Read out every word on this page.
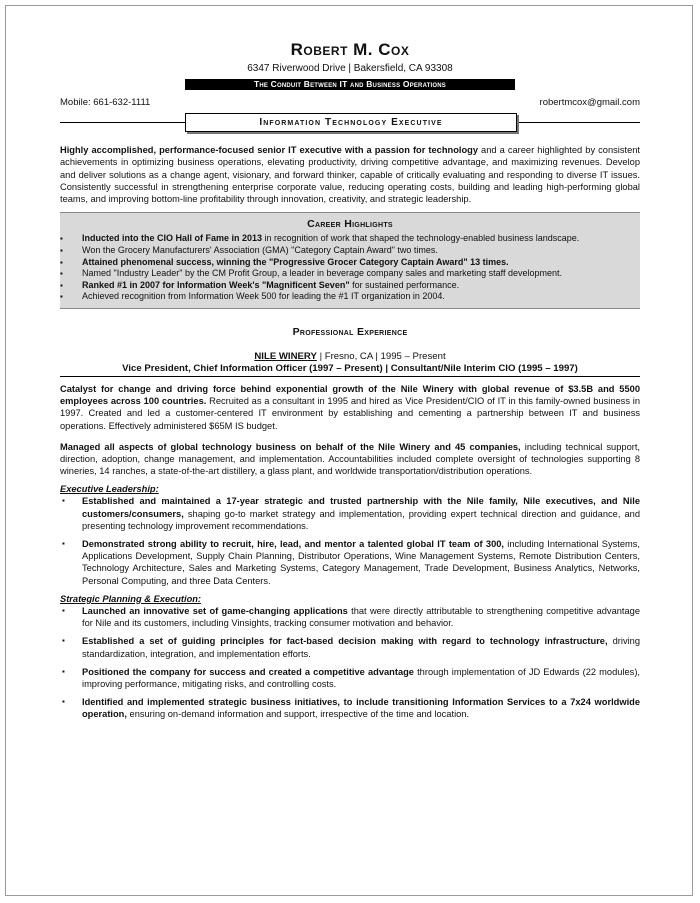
Robert M. Cox
6347 Riverwood Drive | Bakersfield, CA 93308
The Conduit Between IT and Business Operations
Mobile: 661-632-1111	robertmcox@gmail.com
Information Technology Executive

Highly accomplished, performance-focused senior IT executive with a passion for technology and a career highlighted by consistent achievements in optimizing business operations, elevating productivity, driving competitive advantage, and maximizing revenues. Develop and deliver solutions as a change agent, visionary, and forward thinker, capable of critically evaluating and responding to diverse IT issues. Consistently successful in strengthening enterprise corporate value, reducing operating costs, building and leading high-performing global teams, and improving bottom-line profitability through innovation, creativity, and strategic leadership.

Career Highlights
▪ Inducted into the CIO Hall of Fame in 2013 in recognition of work that shaped the technology-enabled business landscape.
▪ Won the Grocery Manufacturers' Association (GMA) "Category Captain Award" two times.
▪ Attained phenomenal success, winning the "Progressive Grocer Category Captain Award" 13 times.
▪ Named "Industry Leader" by the CM Profit Group, a leader in beverage company sales and marketing staff development.
▪ Ranked #1 in 2007 for Information Week's "Magnificent Seven" for sustained performance.
▪ Achieved recognition from Information Week 500 for leading the #1 IT organization in 2004.
Professional Experience
NILE WINERY | Fresno, CA | 1995 – Present
Vice President, Chief Information Officer (1997 – Present) | Consultant/Nile Interim CIO (1995 – 1997)

Catalyst for change and driving force behind exponential growth of the Nile Winery with global revenue of $3.5B and 5500 employees across 100 countries. Recruited as a consultant in 1995 and hired as Vice President/CIO of IT in this family-owned business in 1997. Created and led a customer-centered IT environment by establishing and cementing a partnership between IT and business operations. Effectively administered $65M IS budget.

Managed all aspects of global technology business on behalf of the Nile Winery and 45 companies, including technical support, direction, adoption, change management, and implementation. Accountabilities included complete oversight of technologies supporting 8 wineries, 14 ranches, a state-of-the-art distillery, a glass plant, and worldwide transportation/distribution operations.

Executive Leadership:
▪ Established and maintained a 17-year strategic and trusted partnership with the Nile family, Nile executives, and Nile customers/consumers, shaping go-to market strategy and implementation, providing expert technical direction and guidance, and presenting technology improvement recommendations.
▪ Demonstrated strong ability to recruit, hire, lead, and mentor a talented global IT team of 300, including International Systems, Applications Development, Supply Chain Planning, Distributor Operations, Wine Management Systems, Remote Distribution Centers, Technology Architecture, Sales and Marketing Systems, Category Management, Trade Development, Business Analytics, Networks, Personal Computing, and three Data Centers.
Strategic Planning & Execution:
▪ Launched an innovative set of game-changing applications that were directly attributable to strengthening competitive advantage for Nile and its customers, including Vinsights, tracking consumer motivation and behavior.
▪ Established a set of guiding principles for fact-based decision making with regard to technology infrastructure, driving standardization, integration, and implementation efforts.
▪ Positioned the company for success and created a competitive advantage through implementation of JD Edwards (22 modules), improving performance, mitigating risks, and controlling costs.
▪ Identified and implemented strategic business initiatives, to include transitioning Information Services to a 7x24 worldwide operation, ensuring on-demand information and support, irrespective of the time and location.
